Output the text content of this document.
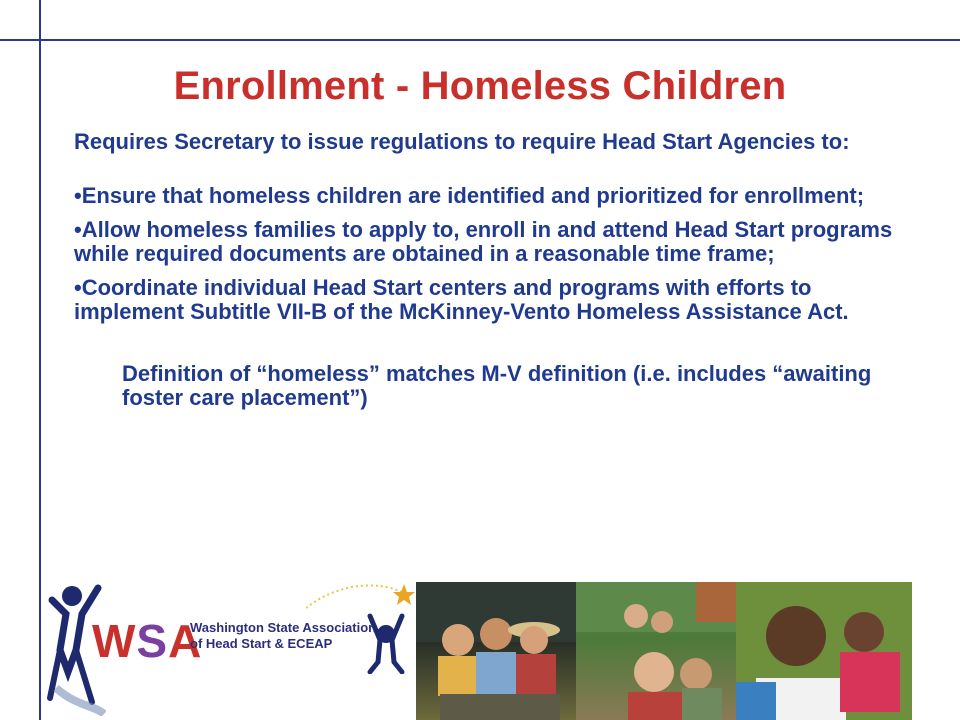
Enrollment - Homeless Children

Requires Secretary to issue regulations to require Head Start Agencies to:

•Ensure that homeless children are identified and prioritized for enrollment;

•Allow homeless families to apply to, enroll in and attend Head Start programs while required documents are obtained in a reasonable time frame;

•Coordinate individual Head Start centers and programs with efforts to implement Subtitle VII-B of the McKinney-Vento Homeless Assistance Act.

Definition of “homeless” matches M-V definition (i.e. includes “awaiting foster care placement”)

WSA
Washington State Association
of Head Start & ECEAP
